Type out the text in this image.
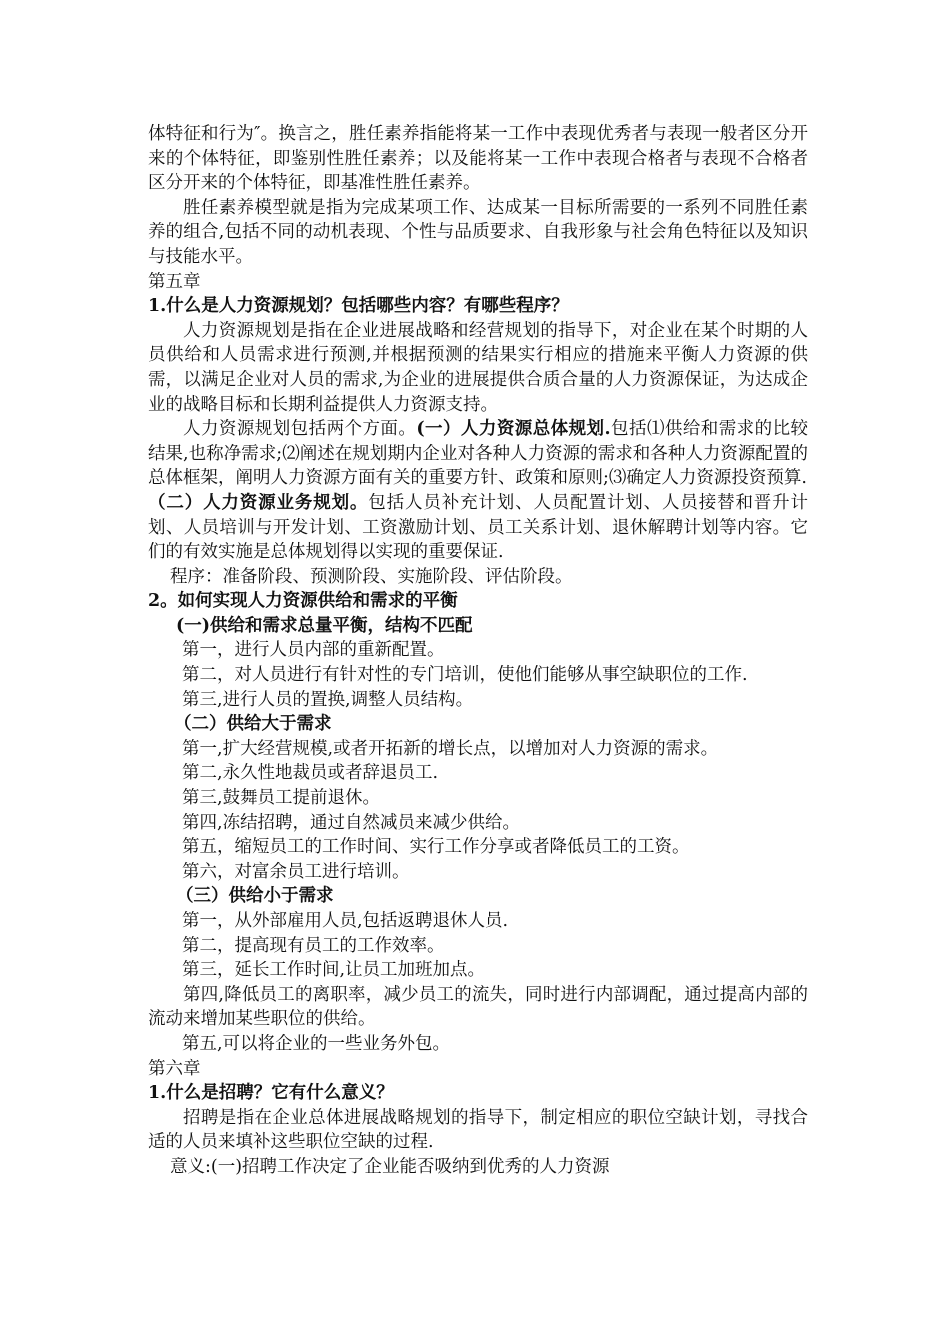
体特征和行为″。换言之，胜任素养指能将某一工作中表现优秀者与表现一般者区分开来的个体特征，即鉴别性胜任素养；以及能将某一工作中表现合格者与表现不合格者区分开来的个体特征，即基准性胜任素养。

胜任素养模型就是指为完成某项工作、达成某一目标所需要的一系列不同胜任素养的组合,包括不同的动机表现、个性与品质要求、自我形象与社会角色特征以及知识与技能水平。

第五章

1.什么是人力资源规划？包括哪些内容？有哪些程序？

人力资源规划是指在企业进展战略和经营规划的指导下，对企业在某个时期的人员供给和人员需求进行预测,并根据预测的结果实行相应的措施来平衡人力资源的供需，以满足企业对人员的需求,为企业的进展提供合质合量的人力资源保证，为达成企业的战略目标和长期利益提供人力资源支持。

人力资源规划包括两个方面。(一）人力资源总体规划.包括⑴供给和需求的比较结果,也称净需求;⑵阐述在规划期内企业对各种人力资源的需求和各种人力资源配置的总体框架，阐明人力资源方面有关的重要方针、政策和原则;⑶确定人力资源投资预算.

（二）人力资源业务规划。包括人员补充计划、人员配置计划、人员接替和晋升计划、人员培训与开发计划、工资激励计划、员工关系计划、退休解聘计划等内容。它们的有效实施是总体规划得以实现的重要保证.

程序：准备阶段、预测阶段、实施阶段、评估阶段。

2。如何实现人力资源供给和需求的平衡

(一)供给和需求总量平衡，结构不匹配

第一，进行人员内部的重新配置。

第二，对人员进行有针对性的专门培训，使他们能够从事空缺职位的工作.

第三,进行人员的置换,调整人员结构。

（二）供给大于需求

第一,扩大经营规模,或者开拓新的增长点，以增加对人力资源的需求。

第二,永久性地裁员或者辞退员工.

第三,鼓舞员工提前退休。

第四,冻结招聘，通过自然减员来减少供给。

第五，缩短员工的工作时间、实行工作分享或者降低员工的工资。

第六，对富余员工进行培训。

（三）供给小于需求

第一，从外部雇用人员,包括返聘退休人员.

第二，提高现有员工的工作效率。

第三，延长工作时间,让员工加班加点。

第四,降低员工的离职率，减少员工的流失，同时进行内部调配，通过提高内部的流动来增加某些职位的供给。

第五,可以将企业的一些业务外包。

第六章

1.什么是招聘？它有什么意义？

招聘是指在企业总体进展战略规划的指导下，制定相应的职位空缺计划，寻找合适的人员来填补这些职位空缺的过程.

意义:(一)招聘工作决定了企业能否吸纳到优秀的人力资源
